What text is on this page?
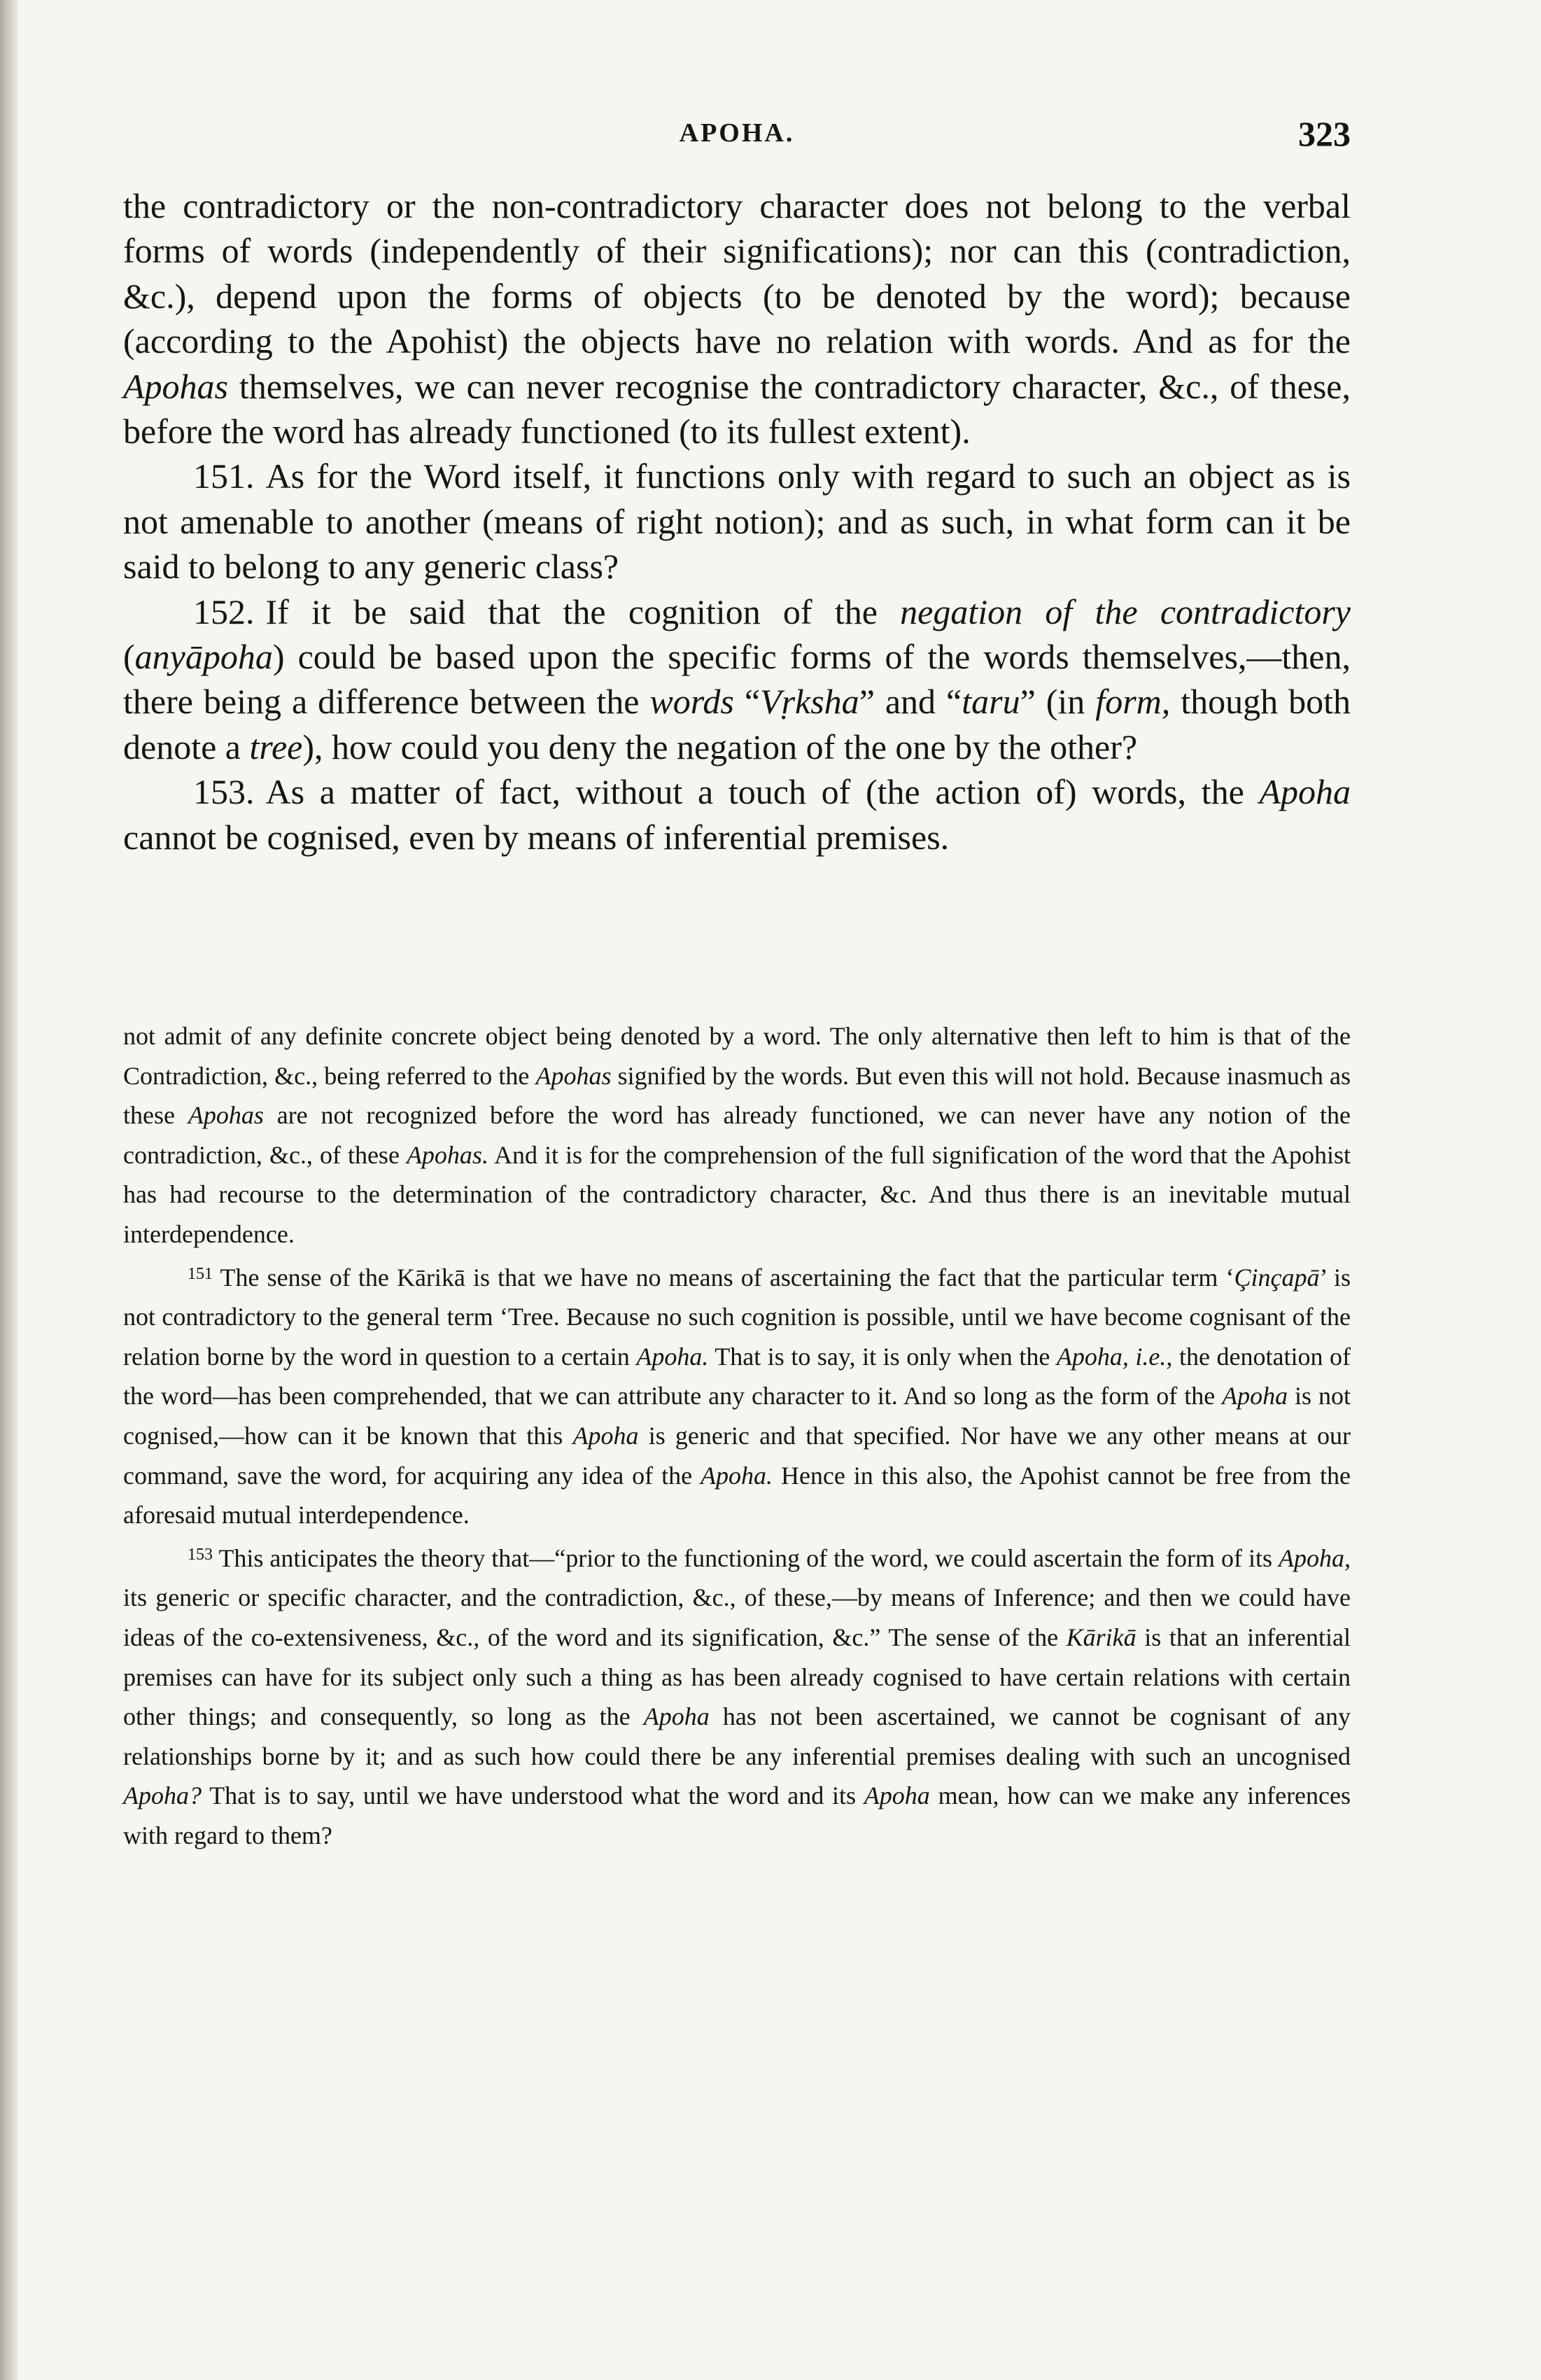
APOHA.	323

the contradictory or the non-contradictory character does not belong to the verbal forms of words (independently of their significations); nor can this (contradiction, &c.), depend upon the forms of objects (to be denoted by the word); because (according to the Apohist) the objects have no relation with words. And as for the Apohas themselves, we can never recognise the contradictory character, &c., of these, before the word has already functioned (to its fullest extent).

151. As for the Word itself, it functions only with regard to such an object as is not amenable to another (means of right notion); and as such, in what form can it be said to belong to any generic class?

152. If it be said that the cognition of the negation of the contradictory (anyāpoha) could be based upon the specific forms of the words themselves,—then, there being a difference between the words “Vṛksha” and “taru” (in form, though both denote a tree), how could you deny the negation of the one by the other?

153. As a matter of fact, without a touch of (the action of) words, the Apoha cannot be cognised, even by means of inferential premises.

not admit of any definite concrete object being denoted by a word. The only alternative then left to him is that of the Contradiction, &c., being referred to the Apohas signified by the words. But even this will not hold. Because inasmuch as these Apohas are not recognized before the word has already functioned, we can never have any notion of the contradiction, &c., of these Apohas. And it is for the comprehension of the full signification of the word that the Apohist has had recourse to the determination of the contradictory character, &c. And thus there is an inevitable mutual interdependence.

$^{151}$ The sense of the Kārikā is that we have no means of ascertaining the fact that the particular term ‘Çinçapā’ is not contradictory to the general term ‘Tree. Because no such cognition is possible, until we have become cognisant of the relation borne by the word in question to a certain Apoha. That is to say, it is only when the Apoha, i.e., the denotation of the word—has been comprehended, that we can attribute any character to it. And so long as the form of the Apoha is not cognised,—how can it be known that this Apoha is generic and that specified. Nor have we any other means at our command, save the word, for acquiring any idea of the Apoha. Hence in this also, the Apohist cannot be free from the aforesaid mutual interdependence.

$^{153}$ This anticipates the theory that—“prior to the functioning of the word, we could ascertain the form of its Apoha, its generic or specific character, and the contradiction, &c., of these,—by means of Inference; and then we could have ideas of the co-extensiveness, &c., of the word and its signification, &c.” The sense of the Kārikā is that an inferential premises can have for its subject only such a thing as has been already cognised to have certain relations with certain other things; and consequently, so long as the Apoha has not been ascertained, we cannot be cognisant of any relationships borne by it; and as such how could there be any inferential premises dealing with such an uncognised Apoha? That is to say, until we have understood what the word and its Apoha mean, how can we make any inferences with regard to them?
